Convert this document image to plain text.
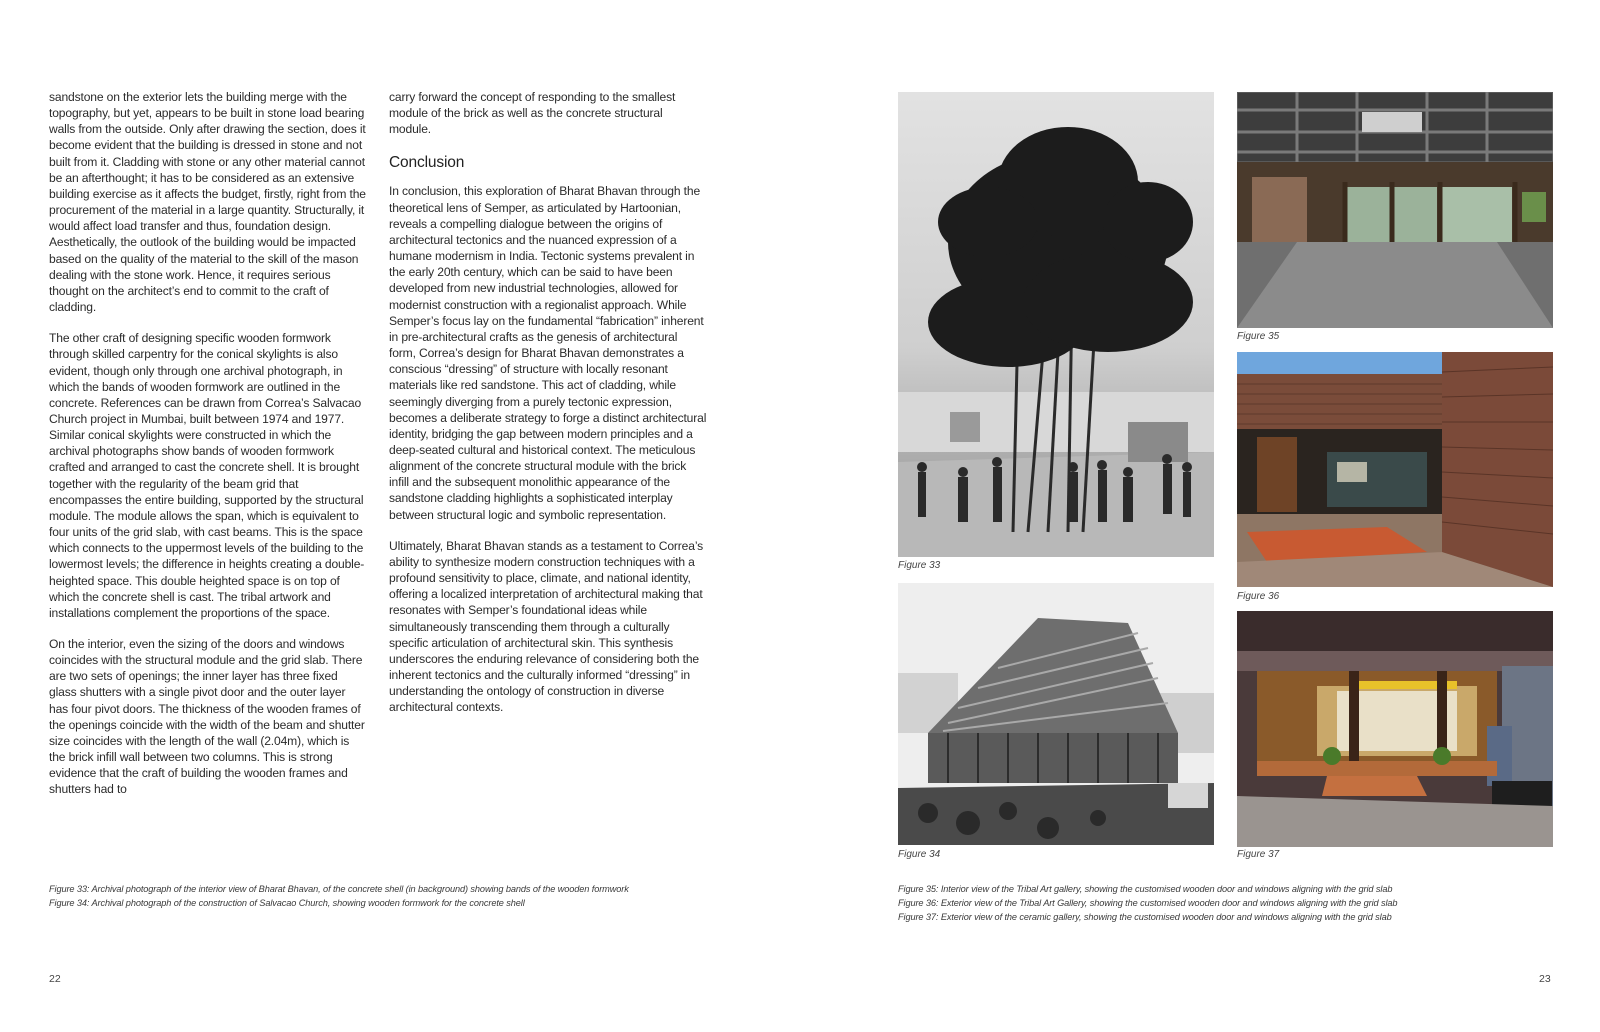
sandstone on the exterior lets the building merge with the topography, but yet, appears to be built in stone load bearing walls from the outside. Only after drawing the section, does it become evident that the building is dressed in stone and not built from it. Cladding with stone or any other material cannot be an afterthought; it has to be considered as an extensive building exercise as it affects the budget, firstly, right from the procurement of the material in a large quantity. Structurally, it would affect load transfer and thus, foundation design. Aesthetically, the outlook of the building would be impacted based on the quality of the material to the skill of the mason dealing with the stone work. Hence, it requires serious thought on the architect’s end to commit to the craft of cladding.

The other craft of designing specific wooden formwork through skilled carpentry for the conical skylights is also evident, though only through one archival photograph, in which the bands of wooden formwork are outlined in the concrete. References can be drawn from Correa’s Salvacao Church project in Mumbai, built between 1974 and 1977. Similar conical skylights were constructed in which the archival photographs show bands of wooden formwork crafted and arranged to cast the concrete shell. It is brought together with the regularity of the beam grid that encompasses the entire building, supported by the structural module. The module allows the span, which is equivalent to four units of the grid slab, with cast beams. This is the space which connects to the uppermost levels of the building to the lowermost levels; the difference in heights creating a double-heighted space. This double heighted space is on top of which the concrete shell is cast. The tribal artwork and installations complement the proportions of the space.

On the interior, even the sizing of the doors and windows coincides with the structural module and the grid slab. There are two sets of openings; the inner layer has three fixed glass shutters with a single pivot door and the outer layer has four pivot doors. The thickness of the wooden frames of the openings coincide with the width of the beam and shutter size coincides with the length of the wall (2.04m), which is the brick infill wall between two columns. This is strong evidence that the craft of building the wooden frames and shutters had to

carry forward the concept of responding to the smallest module of the brick as well as the concrete structural module.

Conclusion

In conclusion, this exploration of Bharat Bhavan through the theoretical lens of Semper, as articulated by Hartoonian, reveals a compelling dialogue between the origins of architectural tectonics and the nuanced expression of a humane modernism in India. Tectonic systems prevalent in the early 20th century, which can be said to have been developed from new industrial technologies, allowed for modernist construction with a regionalist approach. While Semper’s focus lay on the fundamental “fabrication” inherent in pre-architectural crafts as the genesis of architectural form, Correa’s design for Bharat Bhavan demonstrates a conscious “dressing” of structure with locally resonant materials like red sandstone. This act of cladding, while seemingly diverging from a purely tectonic expression, becomes a deliberate strategy to forge a distinct architectural identity, bridging the gap between modern principles and a deep-seated cultural and historical context. The meticulous alignment of the concrete structural module with the brick infill and the subsequent monolithic appearance of the sandstone cladding highlights a sophisticated interplay between structural logic and symbolic representation.

Ultimately, Bharat Bhavan stands as a testament to Correa’s ability to synthesize modern construction techniques with a profound sensitivity to place, climate, and national identity, offering a localized interpretation of architectural making that resonates with Semper’s foundational ideas while simultaneously transcending them through a culturally specific articulation of architectural skin. This synthesis underscores the enduring relevance of considering both the inherent tectonics and the culturally informed “dressing” in understanding the ontology of construction in diverse architectural contexts.

Figure 33: Archival photograph of the interior view of Bharat Bhavan, of the concrete shell (in background) showing bands of the wooden formwork
Figure 34: Archival photograph of the construction of Salvacao Church, showing wooden formwork for the concrete shell
22
Figure 33
Figure 34
Figure 35
Figure 36
Figure 37
Figure 35: Interior view of the Tribal Art gallery, showing the customised wooden door and windows aligning with the grid slab
Figure 36: Exterior view of the Tribal Art Gallery, showing the customised wooden door and windows aligning with the grid slab
Figure 37: Exterior view of the ceramic gallery, showing the customised wooden door and windows aligning with the grid slab
23
